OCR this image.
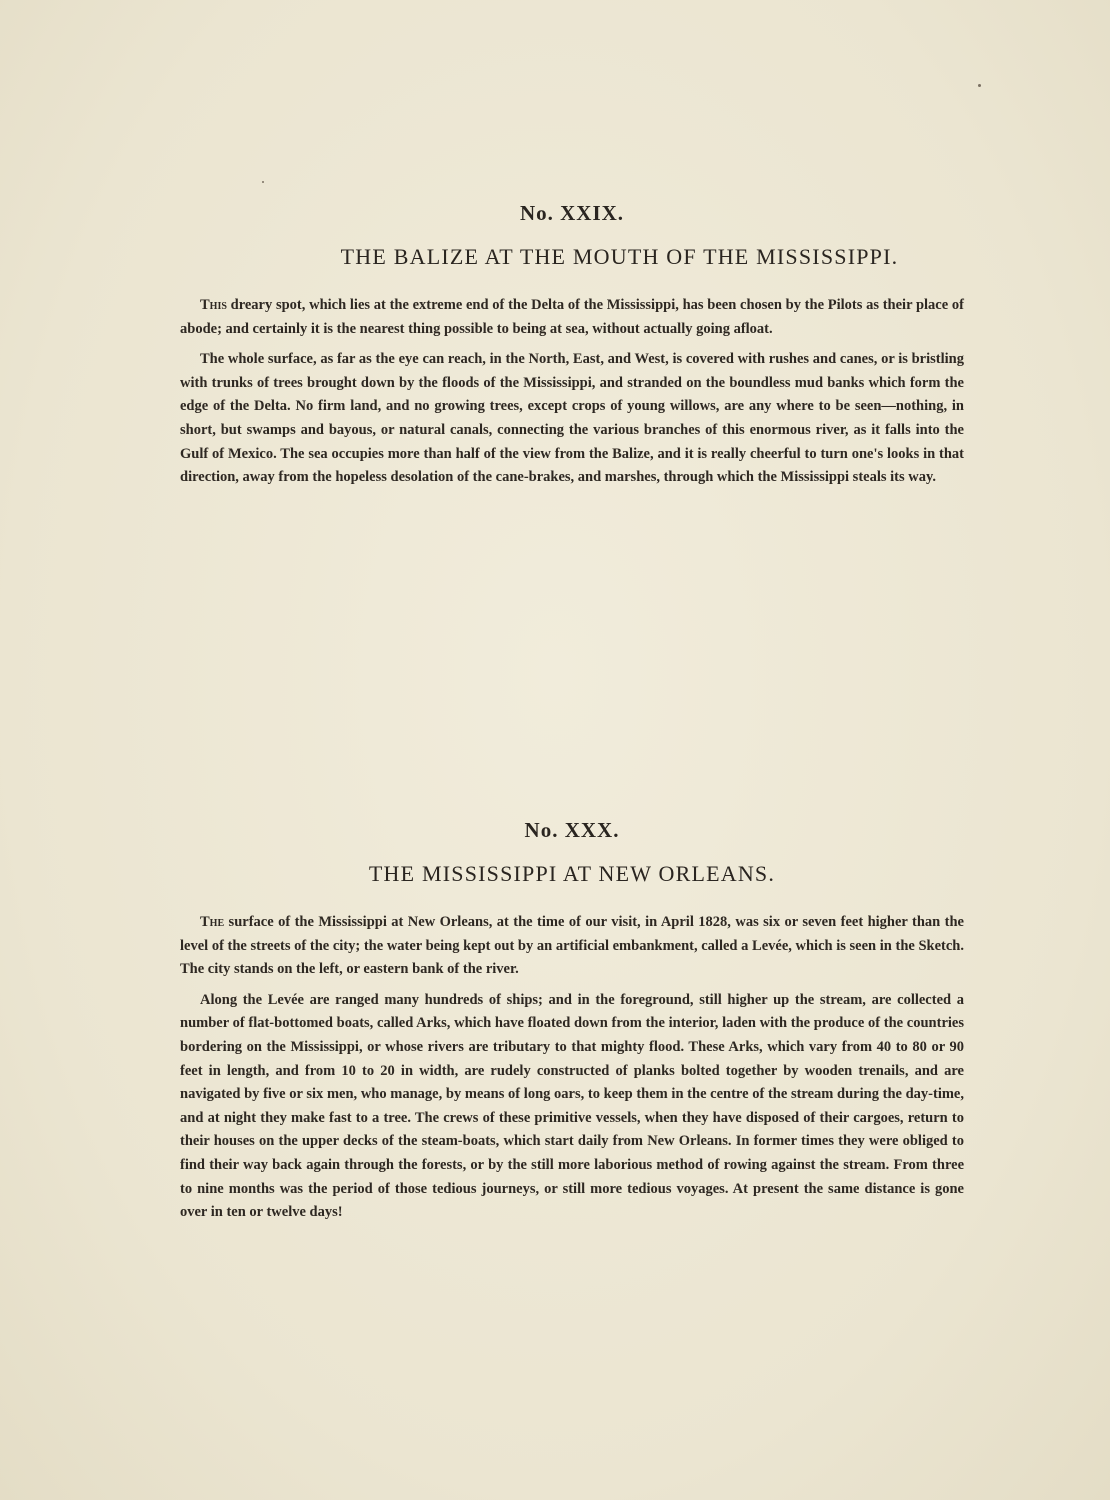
No. XXIX.
THE BALIZE AT THE MOUTH OF THE MISSISSIPPI.

This dreary spot, which lies at the extreme end of the Delta of the Mississippi, has been chosen by the Pilots as their place of abode; and certainly it is the nearest thing possible to being at sea, without actually going afloat.

The whole surface, as far as the eye can reach, in the North, East, and West, is covered with rushes and canes, or is bristling with trunks of trees brought down by the floods of the Mississippi, and stranded on the boundless mud banks which form the edge of the Delta. No firm land, and no growing trees, except crops of young willows, are any where to be seen—nothing, in short, but swamps and bayous, or natural canals, connecting the various branches of this enormous river, as it falls into the Gulf of Mexico. The sea occupies more than half of the view from the Balize, and it is really cheerful to turn one's looks in that direction, away from the hopeless desolation of the cane-brakes, and marshes, through which the Mississippi steals its way.

No. XXX.
THE MISSISSIPPI AT NEW ORLEANS.

The surface of the Mississippi at New Orleans, at the time of our visit, in April 1828, was six or seven feet higher than the level of the streets of the city; the water being kept out by an artificial embankment, called a Levée, which is seen in the Sketch. The city stands on the left, or eastern bank of the river.

Along the Levée are ranged many hundreds of ships; and in the foreground, still higher up the stream, are collected a number of flat-bottomed boats, called Arks, which have floated down from the interior, laden with the produce of the countries bordering on the Mississippi, or whose rivers are tributary to that mighty flood. These Arks, which vary from 40 to 80 or 90 feet in length, and from 10 to 20 in width, are rudely constructed of planks bolted together by wooden trenails, and are navigated by five or six men, who manage, by means of long oars, to keep them in the centre of the stream during the day-time, and at night they make fast to a tree. The crews of these primitive vessels, when they have disposed of their cargoes, return to their houses on the upper decks of the steam-boats, which start daily from New Orleans. In former times they were obliged to find their way back again through the forests, or by the still more laborious method of rowing against the stream. From three to nine months was the period of those tedious journeys, or still more tedious voyages. At present the same distance is gone over in ten or twelve days!
